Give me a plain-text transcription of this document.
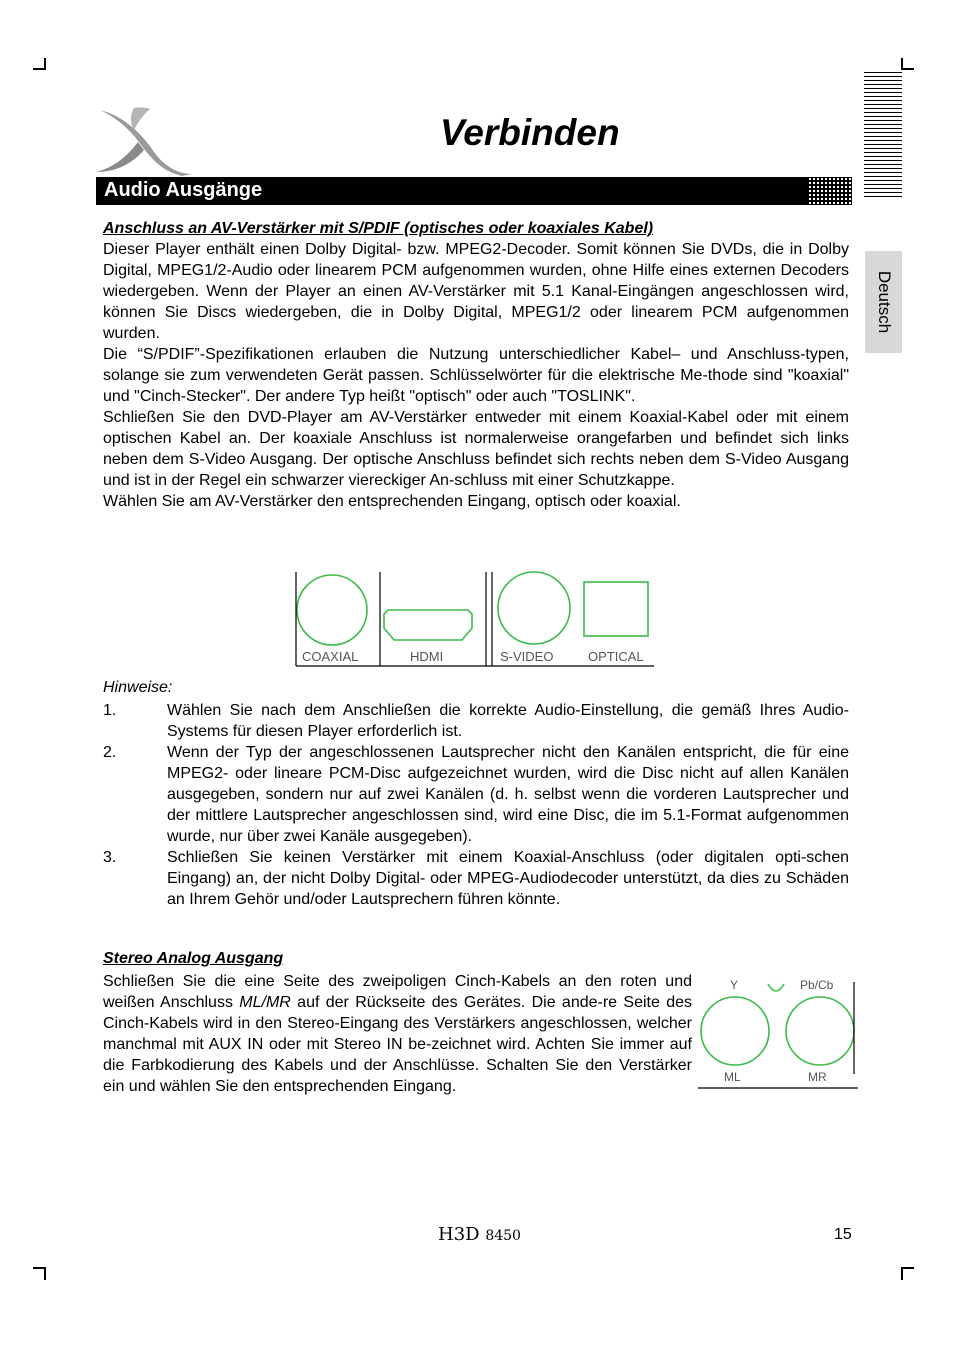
Verbinden
Audio Ausgänge
Deutsch

Anschluss an AV-Verstärker mit S/PDIF (optisches oder koaxiales Kabel)

Dieser Player enthält einen Dolby Digital- bzw. MPEG2-Decoder. Somit können Sie DVDs, die in Dolby Digital, MPEG1/2-Audio oder linearem PCM aufgenommen wurden, ohne Hilfe eines externen Decoders wiedergeben. Wenn der Player an einen AV-Verstärker mit 5.1 Kanal-Eingängen angeschlossen wird, können Sie Discs wiedergeben, die in Dolby Digital, MPEG1/2 oder linearem PCM aufgenommen wurden.

Die “S/PDIF”-Spezifikationen erlauben die Nutzung unterschiedlicher Kabel– und Anschluss-typen, solange sie zum verwendeten Gerät passen. Schlüsselwörter für die elektrische Me-thode sind "koaxial" und "Cinch-Stecker". Der andere Typ heißt "optisch" oder auch "TOSLINK".

Schließen Sie den DVD-Player am AV-Verstärker entweder mit einem Koaxial-Kabel oder mit einem optischen Kabel an. Der koaxiale Anschluss ist normalerweise orangefarben und befindet sich links neben dem S-Video Ausgang. Der optische Anschluss befindet sich rechts neben dem S-Video Ausgang und ist in der Regel ein schwarzer viereckiger An-schluss mit einer Schutzkappe.

Wählen Sie am AV-Verstärker den entsprechenden Eingang, optisch oder koaxial.

COAXIAL	HDMI	S-VIDEO	OPTICAL
Hinweise:
1.	Wählen Sie nach dem Anschließen die korrekte Audio-Einstellung, die gemäß Ihres Audio-Systems für diesen Player erforderlich ist.
2.	Wenn der Typ der angeschlossenen Lautsprecher nicht den Kanälen entspricht, die für eine MPEG2- oder lineare PCM-Disc aufgezeichnet wurden, wird die Disc nicht auf allen Kanälen ausgegeben, sondern nur auf zwei Kanälen (d. h. selbst wenn die vorderen Lautsprecher und der mittlere Lautsprecher angeschlossen sind, wird eine Disc, die im 5.1-Format aufgenommen wurde, nur über zwei Kanäle ausgegeben).
3.	Schließen Sie keinen Verstärker mit einem Koaxial-Anschluss (oder digitalen opti-schen Eingang) an, der nicht Dolby Digital- oder MPEG-Audiodecoder unterstützt, da dies zu Schäden an Ihrem Gehör und/oder Lautsprechern führen könnte.
Stereo Analog Ausgang
Schließen Sie die eine Seite des zweipoligen Cinch-Kabels an den roten und weißen Anschluss ML/MR auf der Rückseite des Gerätes. Die ande-re Seite des Cinch-Kabels wird in den Stereo-Eingang des Verstärkers angeschlossen, welcher manchmal mit AUX IN oder mit Stereo IN be-zeichnet wird. Achten Sie immer auf die Farbkodierung des Kabels und der Anschlüsse. Schalten Sie den Verstärker ein und wählen Sie den entsprechenden Eingang.
Y	Pb/Cb
ML	MR
H3D 8450	15
